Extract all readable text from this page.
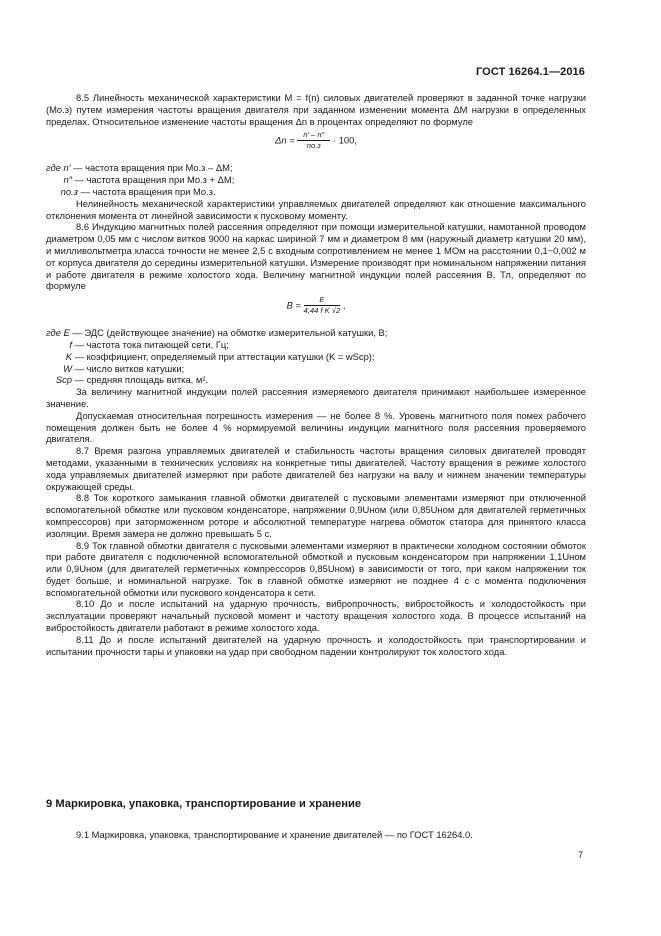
ГОСТ 16264.1—2016

8.5 Линейность механической характеристики M = f(n) силовых двигателей проверяют в заданной точке нагрузки (Mо.з) путем измерения частоты вращения двигателя при заданном изменении момента ΔM нагрузки в определенных пределах. Относительное изменение частоты вращения Δn в процентах определяют по формуле

$\Delta n = \frac{n' - n''}{nо.з} \cdot 100$,

где n′ — частота вращения при Mо.з – ΔM;

n″ — частота вращения при Mо.з + ΔM;

nо.з — частота вращения при Mо.з.

Нелинейность механической характеристики управляемых двигателей определяют как отношение максимального отклонения момента от линейной зависимости к пусковому моменту.

8.6 Индукцию магнитных полей рассеяния определяют при помощи измерительной катушки, намотанной проводом диаметром 0,05 мм с числом витков 9000 на каркас шириной 7 мм и диаметром 8 мм (наружный диаметр катушки 20 мм), и милливольтметра класса точности не менее 2,5 с входным сопротивлением не менее 1 МОм на расстоянии 0,1−0,002 м от корпуса двигателя до середины измерительной катушки. Измерение производят при номинальном напряжении питания и работе двигателя в режиме холостого хода. Величину магнитной индукции полей рассеяния B, Тл, определяют по формуле

$B = \frac{E}{\text{4,44 f K √2}}$ ,

где E — ЭДС (действующее значение) на обмотке измерительной катушки, В;

f — частота тока питающей сети, Гц;

K — коэффициент, определяемый при аттестации катушки (K = wSср);

W — число витков катушки;

Sср — средняя площадь витка, м².

За величину магнитной индукции полей рассеяния измеряемого двигателя принимают наибольшее измеренное значение.

Допускаемая относительная погрешность измерения — не более 8 %. Уровень магнитного поля помех рабочего помещения должен быть не более 4 % нормируемой величины индукции магнитного поля рассеяния проверяемого двигателя.

8.7 Время разгона управляемых двигателей и стабильность частоты вращения силовых двигателей проводят методами, указанными в технических условиях на конкретные типы двигателей. Частоту вращения в режиме холостого хода управляемых двигателей измеряют при работе двигателей без нагрузки на валу и нижнем значении температуры окружающей среды.

8.8 Ток короткого замыкания главной обмотки двигателей с пусковыми элементами измеряют при отключенной вспомогательной обмотке или пусковом конденсаторе, напряжении 0,9Uном (или 0,85Uном для двигателей герметичных компрессоров) при заторможенном роторе и абсолютной температуре нагрева обмоток статора для принятого класса изоляции. Время замера не должно превышать 5 с.

8.9 Ток главной обмотки двигателя с пусковыми элементами измеряют в практически холодном состоянии обмоток при работе двигателя с подключенной вспомогательной обмоткой и пусковым конденсатором при напряжении 1,1Uном или 0,9Uном (для двигателей герметичных компрессоров 0,85Uном) в зависимости от того, при каком напряжении ток будет больше, и номинальной нагрузке. Ток в главной обмотке измеряют не позднее 4 с с момента подключения вспомогательной обмотки или пускового конденсатора к сети.

8.10 До и после испытаний на ударную прочность, вибропрочность, вибростойкость и холодостойкость при эксплуатации проверяют начальный пусковой момент и частоту вращения холостого хода. В процессе испытаний на вибростойкость двигатели работают в режиме холостого хода.

8.11 До и после испытаний двигателей на ударную прочность и холодостойкость при транспортировании и испытании прочности тары и упаковки на удар при свободном падении контролируют ток холостого хода.

9 Маркировка, упаковка, транспортирование и хранение
9.1 Маркировка, упаковка, транспортирование и хранение двигателей — по ГОСТ 16264.0.
7
